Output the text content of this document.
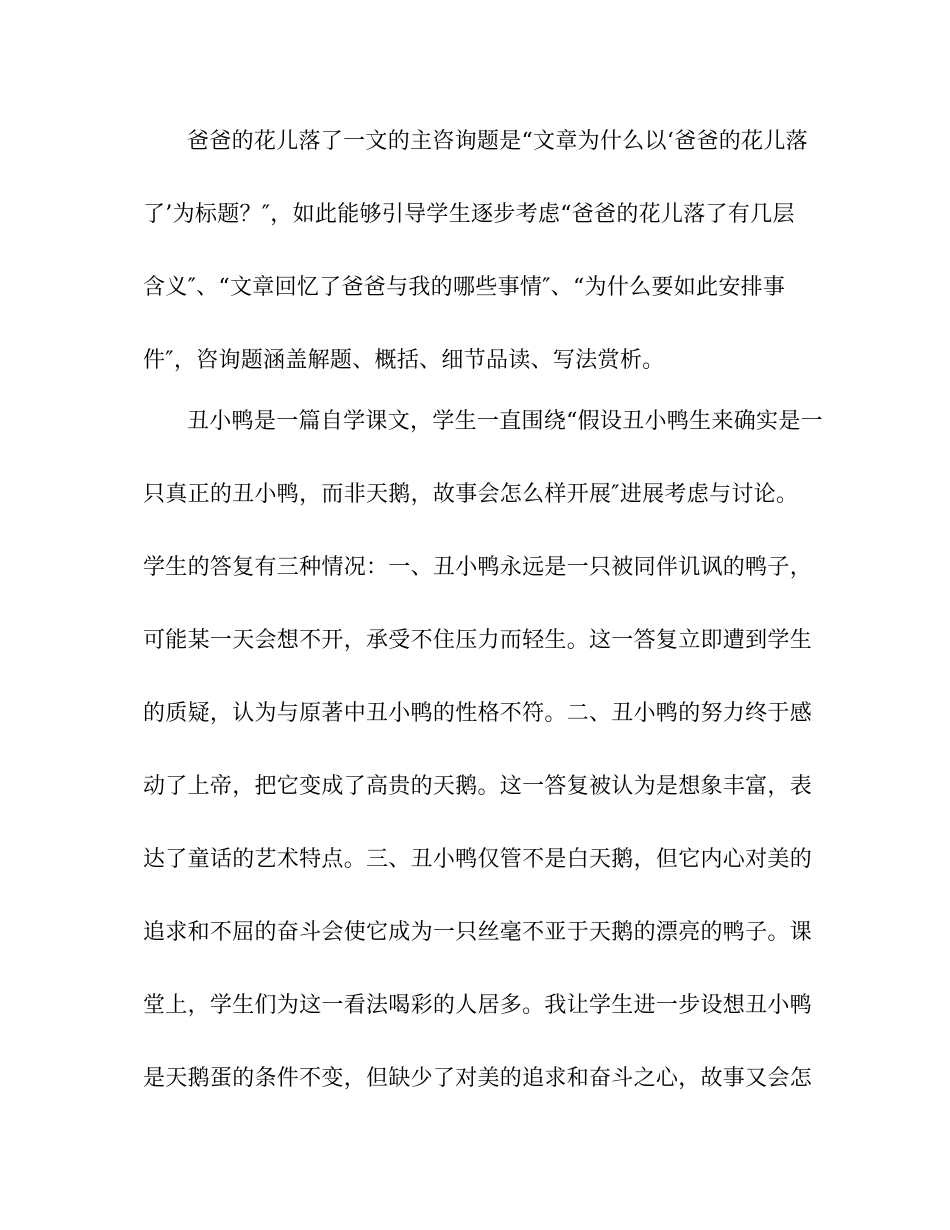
爸爸的花儿落了一文的主咨询题是“文章为什么以‘爸爸的花儿落
了’为标题？″，如此能够引导学生逐步考虑“爸爸的花儿落了有几层
含义″、“文章回忆了爸爸与我的哪些事情″、“为什么要如此安排事
件″，咨询题涵盖解题、概括、细节品读、写法赏析。
丑小鸭是一篇自学课文，学生一直围绕“假设丑小鸭生来确实是一
只真正的丑小鸭，而非天鹅，故事会怎么样开展″进展考虑与讨论。
学生的答复有三种情况：一、丑小鸭永远是一只被同伴讥讽的鸭子，
可能某一天会想不开，承受不住压力而轻生。这一答复立即遭到学生
的质疑，认为与原著中丑小鸭的性格不符。二、丑小鸭的努力终于感
动了上帝，把它变成了高贵的天鹅。这一答复被认为是想象丰富，表
达了童话的艺术特点。三、丑小鸭仅管不是白天鹅，但它内心对美的
追求和不屈的奋斗会使它成为一只丝毫不亚于天鹅的漂亮的鸭子。课
堂上，学生们为这一看法喝彩的人居多。我让学生进一步设想丑小鸭
是天鹅蛋的条件不变，但缺少了对美的追求和奋斗之心，故事又会怎
